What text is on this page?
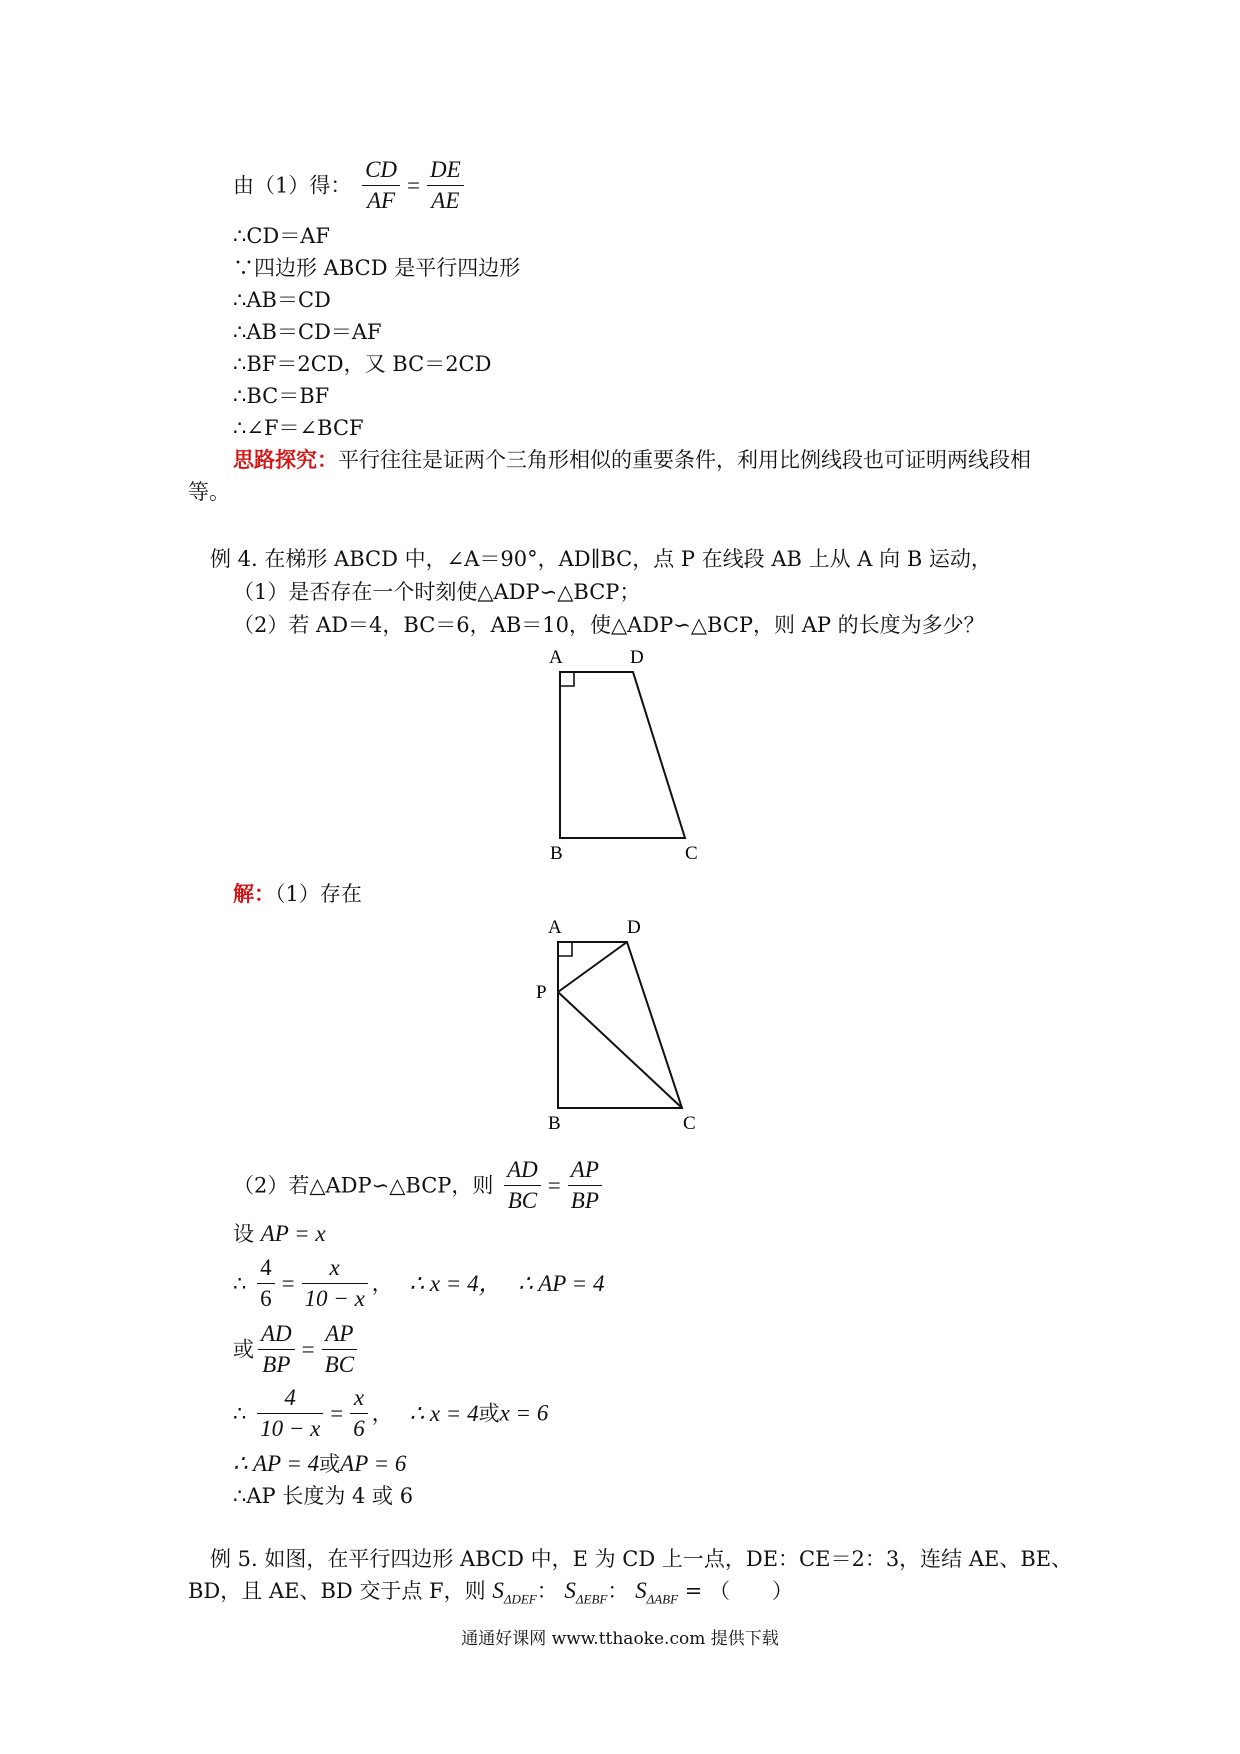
由（1）得： $\frac{CD}{AF} = \frac{DE}{AE}$
∴CD＝AF
∵四边形 ABCD 是平行四边形
∴AB＝CD
∴AB＝CD＝AF
∴BF＝2CD，又 BC＝2CD
∴BC＝BF
∴∠F＝∠BCF
思路探究：平行往往是证两个三角形相似的重要条件，利用比例线段也可证明两线段相
等。
例 4. 在梯形 ABCD 中，∠A＝90°，AD∥BC，点 P 在线段 AB 上从 A 向 B 运动，
（1）是否存在一个时刻使△ADP∽△BCP；
（2）若 AD＝4，BC＝6，AB＝10，使△ADP∽△BCP，则 AP 的长度为多少？
A	D
B	C
解：（1）存在
A	D
P
B	C
（2）若△ADP∽△BCP，则 $\frac{AD}{BC} = \frac{AP}{BP}$
设 AP = x
∴ $\frac{4}{6} = \frac{x}{10 - x}$ ， ∴ x = 4， ∴ AP = 4
或 $\frac{AD}{BP} = \frac{AP}{BC}$
∴ $\frac{4}{10 - x} = \frac{x}{6}$ ， ∴ x = 4或x = 6
∴ AP = 4或AP = 6
∴AP 长度为 4 或 6
例 5. 如图，在平行四边形 ABCD 中，E 为 CD 上一点，DE：CE＝2：3，连结 AE、BE、
BD，且 AE、BD 交于点 F，则 $S_{\Delta DEF}$： $S_{\Delta EBF}$： $S_{\Delta ABF}$ = （　　）
通通好课网 www.tthaoke.com 提供下载
